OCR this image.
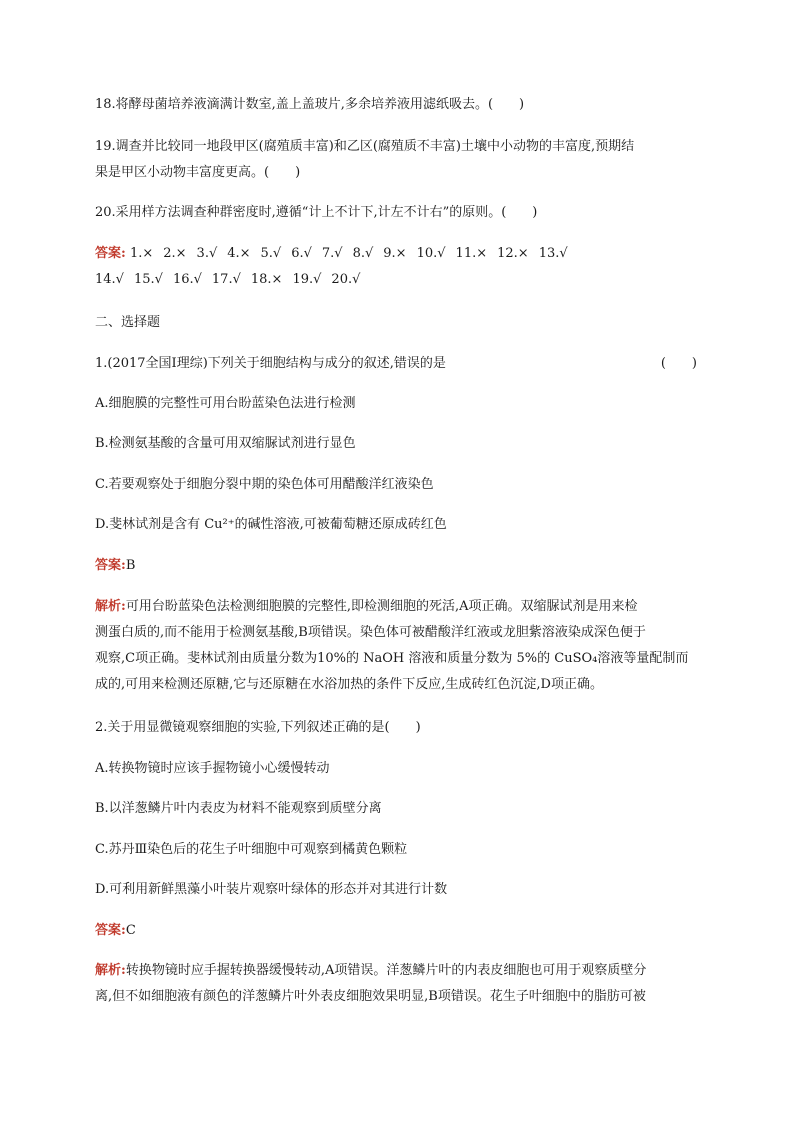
18.将酵母菌培养液滴满计数室,盖上盖玻片,多余培养液用滤纸吸去。(　　)
19.调查并比较同一地段甲区(腐殖质丰富)和乙区(腐殖质不丰富)土壤中小动物的丰富度,预期结
果是甲区小动物丰富度更高。(　　)
20.采用样方法调查种群密度时,遵循“计上不计下,计左不计右”的原则。(　　)
答案: 1.× 2.× 3.√ 4.× 5.√ 6.√ 7.√ 8.√ 9.× 10.√ 11.× 12.× 13.√
14.√ 15.√ 16.√ 17.√ 18.× 19.√ 20.√
二、选择题
1.(2017全国Ⅰ理综)下列关于细胞结构与成分的叙述,错误的是	(　　)
A.细胞膜的完整性可用台盼蓝染色法进行检测
B.检测氨基酸的含量可用双缩脲试剂进行显色
C.若要观察处于细胞分裂中期的染色体可用醋酸洋红液染色
D.斐林试剂是含有 Cu²⁺的碱性溶液,可被葡萄糖还原成砖红色
答案:B
解析:可用台盼蓝染色法检测细胞膜的完整性,即检测细胞的死活,A项正确。双缩脲试剂是用来检
测蛋白质的,而不能用于检测氨基酸,B项错误。染色体可被醋酸洋红液或龙胆紫溶液染成深色便于
观察,C项正确。斐林试剂由质量分数为10%的 NaOH 溶液和质量分数为 5%的 CuSO₄溶液等量配制而
成的,可用来检测还原糖,它与还原糖在水浴加热的条件下反应,生成砖红色沉淀,D项正确。
2.关于用显微镜观察细胞的实验,下列叙述正确的是(　　)
A.转换物镜时应该手握物镜小心缓慢转动
B.以洋葱鳞片叶内表皮为材料不能观察到质壁分离
C.苏丹Ⅲ染色后的花生子叶细胞中可观察到橘黄色颗粒
D.可利用新鲜黑藻小叶装片观察叶绿体的形态并对其进行计数
答案:C
解析:转换物镜时应手握转换器缓慢转动,A项错误。洋葱鳞片叶的内表皮细胞也可用于观察质壁分
离,但不如细胞液有颜色的洋葱鳞片叶外表皮细胞效果明显,B项错误。花生子叶细胞中的脂肪可被
